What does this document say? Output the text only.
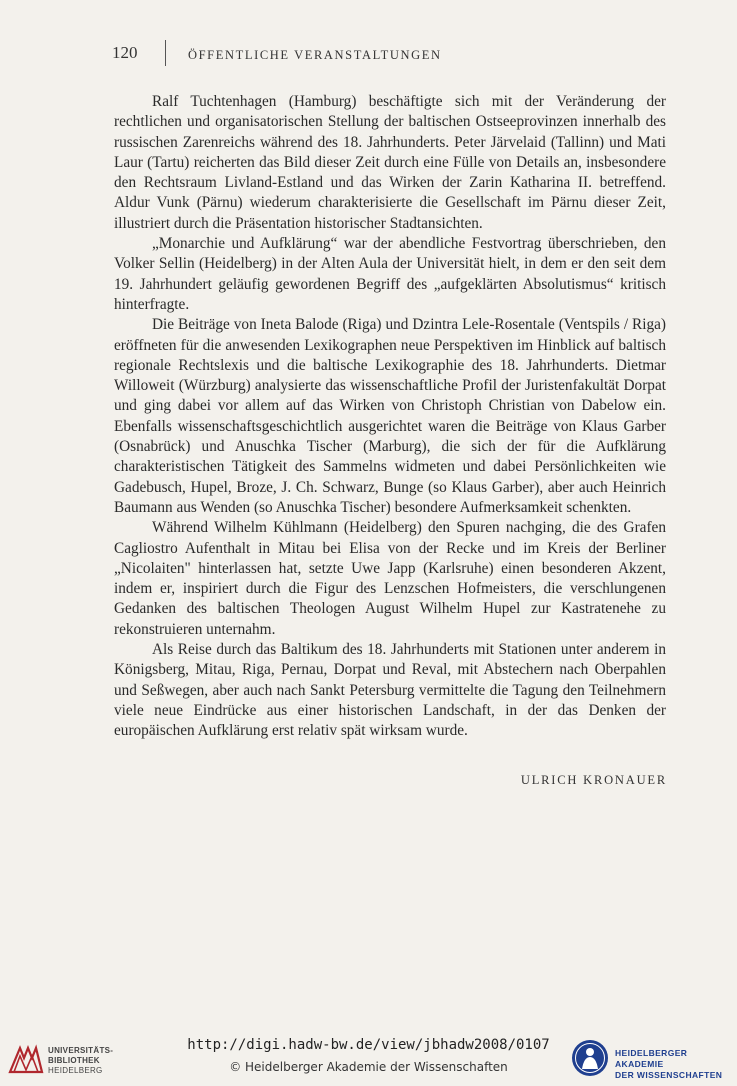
120	ÖFFENTLICHE VERANSTALTUNGEN

Ralf Tuchtenhagen (Hamburg) beschäftigte sich mit der Veränderung der rechtlichen und organisatorischen Stellung der baltischen Ostseeprovinzen innerhalb des russischen Zarenreichs während des 18. Jahrhunderts. Peter Järvelaid (Tallinn) und Mati Laur (Tartu) reicherten das Bild dieser Zeit durch eine Fülle von Details an, insbesondere den Rechtsraum Livland-Estland und das Wirken der Zarin Katharina II. betreffend. Aldur Vunk (Pärnu) wiederum charakterisierte die Gesellschaft im Pärnu dieser Zeit, illustriert durch die Präsentation historischer Stadtansichten.

„Monarchie und Aufklärung“ war der abendliche Festvortrag überschrieben, den Volker Sellin (Heidelberg) in der Alten Aula der Universität hielt, in dem er den seit dem 19. Jahrhundert geläufig gewordenen Begriff des „aufgeklärten Absolutismus“ kritisch hinterfragte.

Die Beiträge von Ineta Balode (Riga) und Dzintra Lele-Rosentale (Ventspils / Riga) eröffneten für die anwesenden Lexikographen neue Perspektiven im Hinblick auf baltisch regionale Rechtslexis und die baltische Lexikographie des 18. Jahrhunderts. Dietmar Willoweit (Würzburg) analysierte das wissenschaftliche Profil der Juristenfakultät Dorpat und ging dabei vor allem auf das Wirken von Christoph Christian von Dabelow ein. Ebenfalls wissenschaftsgeschichtlich ausgerichtet waren die Beiträge von Klaus Garber (Osnabrück) und Anuschka Tischer (Marburg), die sich der für die Aufklärung charakteristischen Tätigkeit des Sammelns widmeten und dabei Persönlichkeiten wie Gadebusch, Hupel, Broze, J. Ch. Schwarz, Bunge (so Klaus Garber), aber auch Heinrich Baumann aus Wenden (so Anuschka Tischer) besondere Aufmerksamkeit schenkten.

Während Wilhelm Kühlmann (Heidelberg) den Spuren nachging, die des Grafen Cagliostro Aufenthalt in Mitau bei Elisa von der Recke und im Kreis der Berliner „Nicolaiten" hinterlassen hat, setzte Uwe Japp (Karlsruhe) einen besonderen Akzent, indem er, inspiriert durch die Figur des Lenzschen Hofmeisters, die verschlungenen Gedanken des baltischen Theologen August Wilhelm Hupel zur Kastratenehe zu rekonstruieren unternahm.

Als Reise durch das Baltikum des 18. Jahrhunderts mit Stationen unter anderem in Königsberg, Mitau, Riga, Pernau, Dorpat und Reval, mit Abstechern nach Oberpahlen und Seßwegen, aber auch nach Sankt Petersburg vermittelte die Tagung den Teilnehmern viele neue Eindrücke aus einer historischen Landschaft, in der das Denken der europäischen Aufklärung erst relativ spät wirksam wurde.

ULRICH KRONAUER
UNIVERSITÄTS-
BIBLIOTHEK
HEIDELBERG
http://digi.hadw-bw.de/view/jbhadw2008/0107
© Heidelberger Akademie der Wissenschaften
HEIDELBERGER AKADEMIE
DER WISSENSCHAFTEN
